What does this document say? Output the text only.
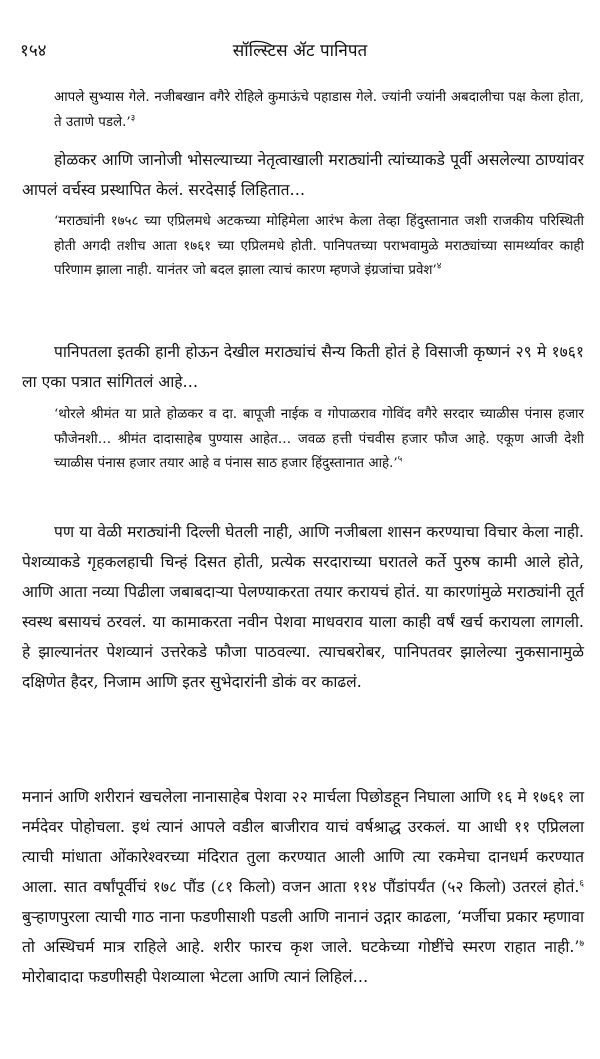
१५४	सॉल्स्टिस ॲट पानिपत

आपले सुभ्यास गेले. नजीबखान वगैरे रोहिले कुमाऊंचे पहाडास गेले. ज्यांनी ज्यांनी अबदालीचा पक्ष केला होता, ते उताणे पडले.’$^३$

होळकर आणि जानोजी भोसल्याच्या नेतृत्वाखाली मराठ्यांनी त्यांच्याकडे पूर्वी असलेल्या ठाण्यांवर आपलं वर्चस्व प्रस्थापित केलं. सरदेसाई लिहितात…

‘मराठ्यांनी १७५८ च्या एप्रिलमधे अटकच्या मोहिमेला आरंभ केला तेव्हा हिंदुस्तानात जशी राजकीय परिस्थिती होती अगदी तशीच आता १७६१ च्या एप्रिलमधे होती. पानिपतच्या पराभवामुळे मराठ्यांच्या सामर्थ्यावर काही परिणाम झाला नाही. यानंतर जो बदल झाला त्याचं कारण म्हणजे इंग्रजांचा प्रवेश’$^४$

पानिपतला इतकी हानी होऊन देखील मराठ्यांचं सैन्य किती होतं हे विसाजी कृष्णनं २९ मे १७६१ ला एका पत्रात सांगितलं आहे…

‘थोरले श्रीमंत या प्राते होळकर व दा. बापूजी नाईक व गोपाळराव गोविंद वगैरे सरदार च्याळीस पंनास हजार फौजेनशी… श्रीमंत दादासाहेब पुण्यास आहेत… जवळ हत्ती पंचवीस हजार फौज आहे. एकूण आजी देशी च्याळीस पंनास हजार तयार आहे व पंनास साठ हजार हिंदुस्तानात आहे.’$^५$

पण या वेळी मराठ्यांनी दिल्ली घेतली नाही, आणि नजीबला शासन करण्याचा विचार केला नाही. पेशव्याकडे गृहकलहाची चिन्हं दिसत होती, प्रत्येक सरदाराच्या घरातले कर्ते पुरुष कामी आले होते, आणि आता नव्या पिढीला जबाबदाऱ्या पेलण्याकरता तयार करायचं होतं. या कारणांमुळे मराठ्यांनी तूर्त स्वस्थ बसायचं ठरवलं. या कामाकरता नवीन पेशवा माधवराव याला काही वर्षं खर्च करायला लागली. हे झाल्यानंतर पेशव्यानं उत्तरेकडे फौजा पाठवल्या. त्याचबरोबर, पानिपतवर झालेल्या नुकसानामुळे दक्षिणेत हैदर, निजाम आणि इतर सुभेदारांनी डोकं वर काढलं.

मनानं आणि शरीरानं खचलेला नानासाहेब पेशवा २२ मार्चला पिछोडहून निघाला आणि १६ मे १७६१ ला नर्मदेवर पोहोचला. इथं त्यानं आपले वडील बाजीराव याचं वर्षश्राद्ध उरकलं. या आधी ११ एप्रिलला त्याची मांधाता ओंकारेश्वरच्या मंदिरात तुला करण्यात आली आणि त्या रकमेचा दानधर्म करण्यात आला. सात वर्षांपूर्वीचं १७८ पौंड (८१ किलो) वजन आता ११४ पौंडांपर्यंत (५२ किलो) उतरलं होतं.$^६$ बुऱ्हाणपुरला त्याची गाठ नाना फडणीसाशी पडली आणि नानानं उद्गार काढला, ‘मर्जीचा प्रकार म्हणावा तो अस्थिचर्म मात्र राहिले आहे. शरीर फारच कृश जाले. घटकेच्या गोष्टींचे स्मरण राहात नाही.’$^७$ मोरोबादादा फडणीसही पेशव्याला भेटला आणि त्यानं लिहिलं…
